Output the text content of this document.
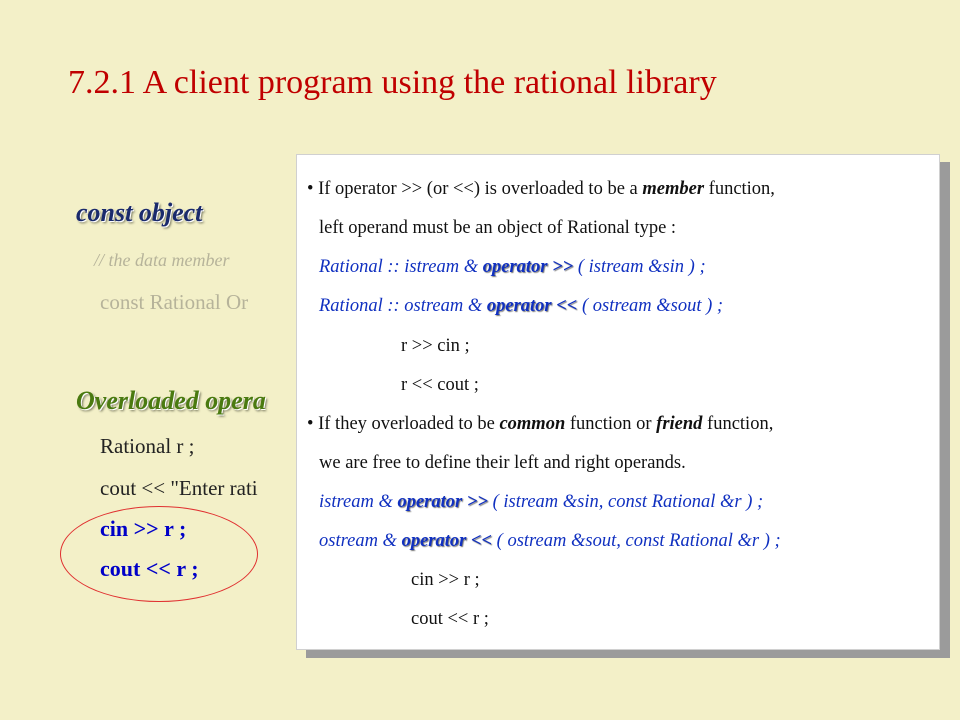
7.2.1 A client program using the rational library
const object
// the data member
const Rational Or
Overloaded opera
Rational r ;
cout << "Enter rati
cin >> r ;
cout << r ;
• If operator >> (or <<) is overloaded to be a member function,
left operand must be an object of Rational type :
Rational :: istream & operator >> ( istream &sin ) ;
Rational :: ostream & operator << ( ostream &sout ) ;
r >> cin ;
r << cout ;
• If they overloaded to be common function or friend function,
we are free to define their left and right operands.
istream & operator >> ( istream &sin, const Rational &r ) ;
ostream & operator << ( ostream &sout, const Rational &r ) ;
cin >> r ;
cout << r ;
